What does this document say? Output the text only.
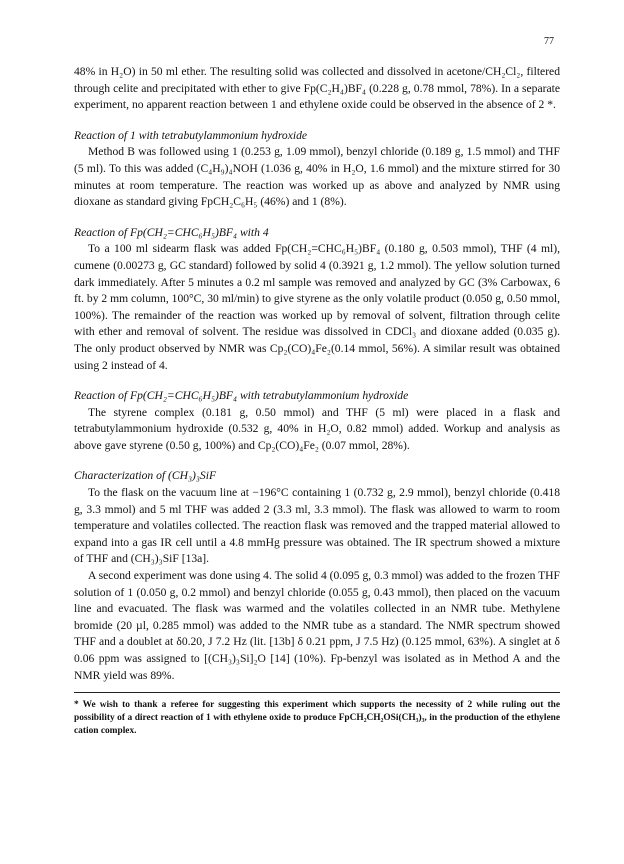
77

48% in H₂O) in 50 ml ether. The resulting solid was collected and dissolved in acetone/CH₂Cl₂, filtered through celite and precipitated with ether to give Fp(C₂H₄)BF₄ (0.228 g, 0.78 mmol, 78%). In a separate experiment, no apparent reaction between 1 and ethylene oxide could be observed in the absence of 2 *.

Reaction of 1 with tetrabutylammonium hydroxide

Method B was followed using 1 (0.253 g, 1.09 mmol), benzyl chloride (0.189 g, 1.5 mmol) and THF (5 ml). To this was added (C₄H₉)₄NOH (1.036 g, 40% in H₂O, 1.6 mmol) and the mixture stirred for 30 minutes at room temperature. The reaction was worked up as above and analyzed by NMR using dioxane as standard giving FpCH₂C₆H₅ (46%) and 1 (8%).

Reaction of Fp(CH₂=CHC₆H₅)BF₄ with 4

To a 100 ml sidearm flask was added Fp(CH₂=CHC₆H₅)BF₄ (0.180 g, 0.503 mmol), THF (4 ml), cumene (0.00273 g, GC standard) followed by solid 4 (0.3921 g, 1.2 mmol). The yellow solution turned dark immediately. After 5 minutes a 0.2 ml sample was removed and analyzed by GC (3% Carbowax, 6 ft. by 2 mm column, 100°C, 30 ml/min) to give styrene as the only volatile product (0.050 g, 0.50 mmol, 100%). The remainder of the reaction was worked up by removal of solvent, filtration through celite with ether and removal of solvent. The residue was dissolved in CDCl₃ and dioxane added (0.035 g). The only product observed by NMR was Cp₂(CO)₄Fe₂(0.14 mmol, 56%). A similar result was obtained using 2 instead of 4.

Reaction of Fp(CH₂=CHC₆H₅)BF₄ with tetrabutylammonium hydroxide

The styrene complex (0.181 g, 0.50 mmol) and THF (5 ml) were placed in a flask and tetrabutylammonium hydroxide (0.532 g, 40% in H₂O, 0.82 mmol) added. Workup and analysis as above gave styrene (0.50 g, 100%) and Cp₂(CO)₄Fe₂ (0.07 mmol, 28%).

Characterization of (CH₃)₃SiF

To the flask on the vacuum line at −196°C containing 1 (0.732 g, 2.9 mmol), benzyl chloride (0.418 g, 3.3 mmol) and 5 ml THF was added 2 (3.3 ml, 3.3 mmol). The flask was allowed to warm to room temperature and volatiles collected. The reaction flask was removed and the trapped material allowed to expand into a gas IR cell until a 4.8 mmHg pressure was obtained. The IR spectrum showed a mixture of THF and (CH₃)₃SiF [13a].

A second experiment was done using 4. The solid 4 (0.095 g, 0.3 mmol) was added to the frozen THF solution of 1 (0.050 g, 0.2 mmol) and benzyl chloride (0.055 g, 0.43 mmol), then placed on the vacuum line and evacuated. The flask was warmed and the volatiles collected in an NMR tube. Methylene bromide (20 µl, 0.285 mmol) was added to the NMR tube as a standard. The NMR spectrum showed THF and a doublet at δ0.20, J 7.2 Hz (lit. [13b] δ 0.21 ppm, J 7.5 Hz) (0.125 mmol, 63%). A singlet at δ 0.06 ppm was assigned to [(CH₃)₃Si]₂O [14] (10%). Fp-benzyl was isolated as in Method A and the NMR yield was 89%.

* We wish to thank a referee for suggesting this experiment which supports the necessity of 2 while ruling out the possibility of a direct reaction of 1 with ethylene oxide to produce FpCH₂CH₂OSi(CH₃)₃, in the production of the ethylene cation complex.
